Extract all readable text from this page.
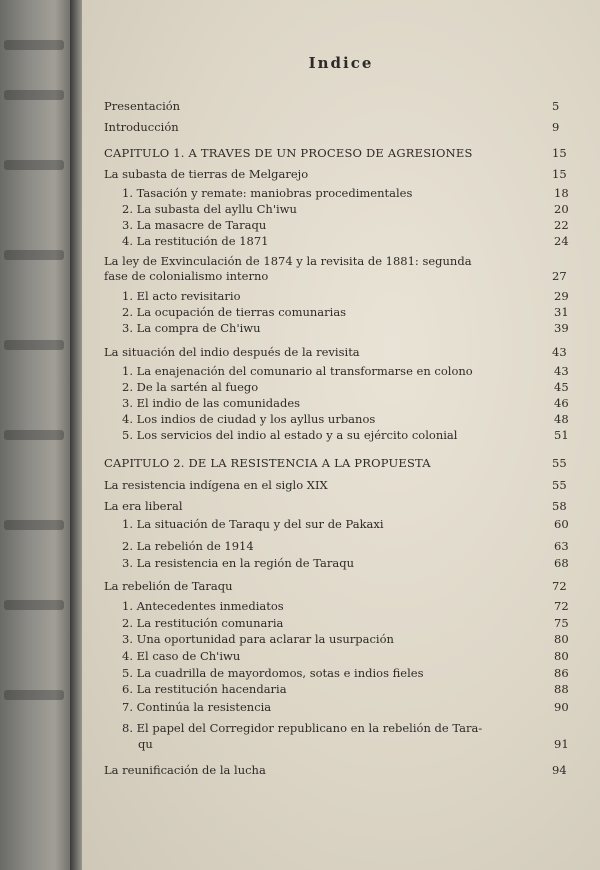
Indice
Presentación	5
Introducción	9
CAPITULO 1. A TRAVES DE UN PROCESO DE AGRESIONES	15
La subasta de tierras de Melgarejo	15
1. Tasación y remate: maniobras procedimentales	18
2. La subasta del ayllu Ch'iwu	20
3. La masacre de Taraqu	22
4. La restitución de 1871	24
La ley de Exvinculación de 1874 y la revisita de 1881: segunda
fase de colonialismo interno	27
1. El acto revisitario	29
2. La ocupación de tierras comunarias	31
3. La compra de Ch'iwu	39
La situación del indio después de la revisita	43
1. La enajenación del comunario al transformarse en colono	43
2. De la sartén al fuego	45
3. El indio de las comunidades	46
4. Los indios de ciudad y los ayllus urbanos	48
5. Los servicios del indio al estado y a su ejército colonial	51
CAPITULO 2. DE LA RESISTENCIA A LA PROPUESTA	55
La resistencia indígena en el siglo XIX	55
La era liberal	58
1. La situación de Taraqu y del sur de Pakaxi	60
2. La rebelión de 1914	63
3. La resistencia en la región de Taraqu	68
La rebelión de Taraqu	72
1. Antecedentes inmediatos	72
2. La restitución comunaria	75
3. Una oportunidad para aclarar la usurpación	80
4. El caso de Ch'iwu	80
5. La cuadrilla de mayordomos, sotas e indios fieles	86
6. La restitución hacendaria	88
7. Continúa la resistencia	90
8. El papel del Corregidor republicano en la rebelión de Tara-
qu	91
La reunificación de la lucha	94
